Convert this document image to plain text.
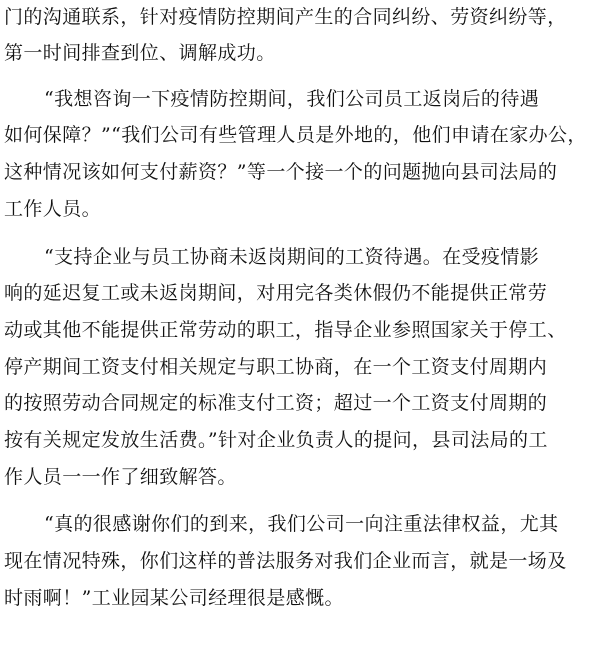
门的沟通联系，针对疫情防控期间产生的合同纠纷、劳资纠纷等，
第一时间排查到位、调解成功。
“我想咨询一下疫情防控期间，我们公司员工返岗后的待遇
如何保障？”“我们公司有些管理人员是外地的，他们申请在家办公，
这种情况该如何支付薪资？”等一个接一个的问题抛向县司法局的
工作人员。
“支持企业与员工协商未返岗期间的工资待遇。在受疫情影
响的延迟复工或未返岗期间，对用完各类休假仍不能提供正常劳
动或其他不能提供正常劳动的职工，指导企业参照国家关于停工、
停产期间工资支付相关规定与职工协商，在一个工资支付周期内
的按照劳动合同规定的标准支付工资；超过一个工资支付周期的
按有关规定发放生活费。”针对企业负责人的提问，县司法局的工
作人员一一作了细致解答。
“真的很感谢你们的到来，我们公司一向注重法律权益，尤其
现在情况特殊，你们这样的普法服务对我们企业而言，就是一场及
时雨啊！”工业园某公司经理很是感慨。
